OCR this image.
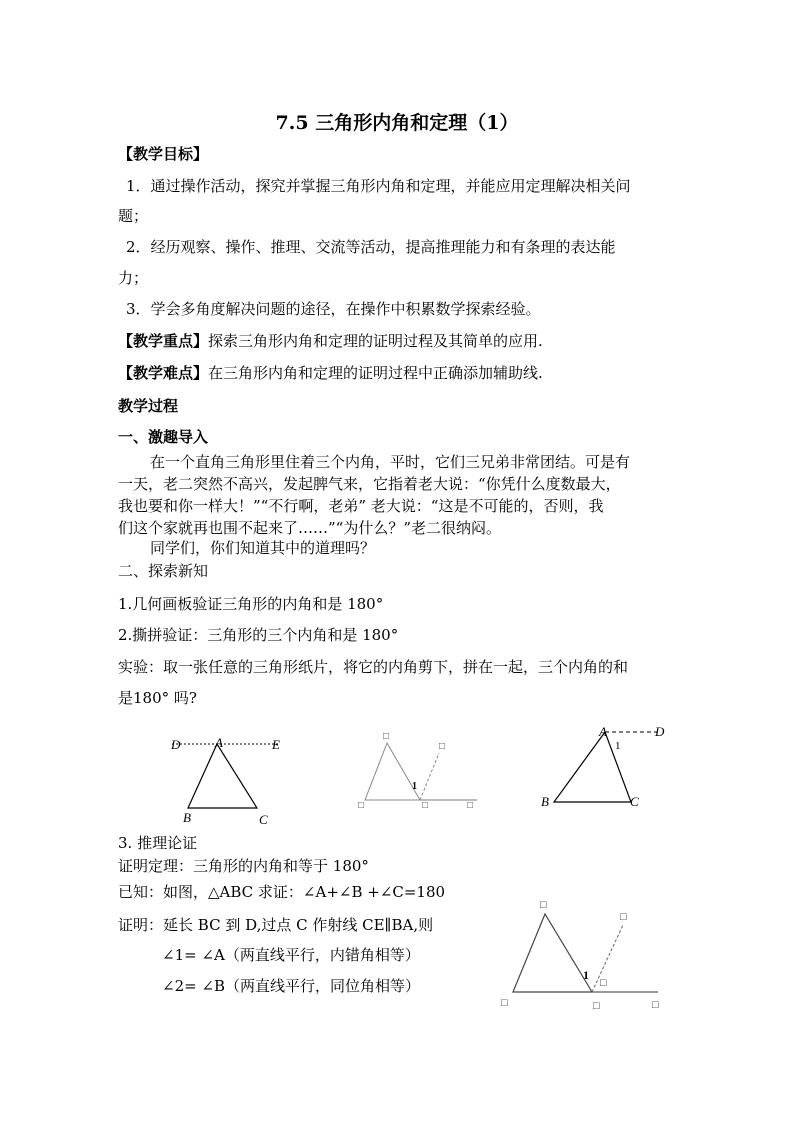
7.5 三角形内角和定理（1）
【教学目标】
1．通过操作活动，探究并掌握三角形内角和定理，并能应用定理解决相关问
题；
2．经历观察、操作、推理、交流等活动，提高推理能力和有条理的表达能
力；
3．学会多角度解决问题的途径，在操作中积累数学探索经验。
【教学重点】探索三角形内角和定理的证明过程及其简单的应用.
【教学难点】在三角形内角和定理的证明过程中正确添加辅助线.
教学过程
一、激趣导入
在一个直角三角形里住着三个内角，平时，它们三兄弟非常团结。可是有
一天，老二突然不高兴，发起脾气来，它指着老大说：“你凭什么度数最大，
我也要和你一样大！”“不行啊，老弟” 老大说：“这是不可能的，否则，我
们这个家就再也围不起来了……”“为什么？”老二很纳闷。
同学们，你们知道其中的道理吗？
二、探索新知
1.几何画板验证三角形的内角和是 180°
2.撕拼验证：三角形的三个内角和是 180°
实验：取一张任意的三角形纸片，将它的内角剪下，拼在一起，三个内角的和
是180° 吗?
D	A	E
B	C
□
□
□	□	□
1
A	D
1
B	C
3. 推理论证
证明定理：三角形的内角和等于 180°
已知：如图，△ABC 求证：∠A+∠B +∠C=180
证明：延长 BC 到 D,过点 C 作射线 CE∥BA,则
∠1= ∠A（两直线平行，内错角相等）
∠2= ∠B（两直线平行，同位角相等）
□
□
□	□	□
□
1
